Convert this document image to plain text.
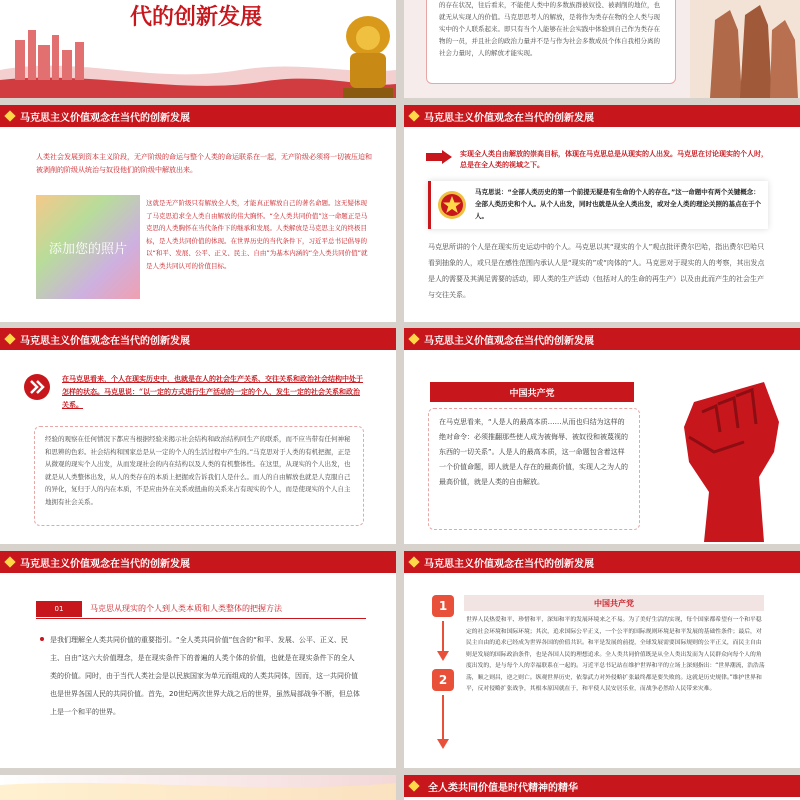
代的创新发展	的存在状况，往后看来，不能使人类中的多数族群被奴役、被剥削的地位，也就无从实现人的价值。马克思思考人的解放，是将作为类存在物的全人类与现实中的个人联系起来。即只有当个人能够在社会实践中体验到自己作为类存在物的一员，并且社会的政治力量并不是与作为社会多数成员个体自我相分离的社会力量时，人的解放才能实现。
马克思主义价值观念在当代的创新发展
人类社会发展到资本主义阶段，无产阶级的命运与整个人类的命运联系在一起，无产阶级必须将一切被压迫和被剥削的阶级从统治与奴役他们的阶级中解放出来。
添加您的照片
这就是无产阶级只有解放全人类，才能真正解放自己的著名命题。这无疑体现了马克思追求全人类自由解放的伟大胸怀。“全人类共同价值”这一命题正是马克思的人类胸怀在当代条件下的继承和发展。人类解放是马克思主义的终极目标，是人类共同价值的体现。在世界历史的当代条件下，习近平总书记倡导的以“和平、发展、公平、正义、民主、自由”为基本内涵的“全人类共同价值”就是人类共同认可的价值目标。
马克思主义价值观念在当代的创新发展
实现全人类自由解放的崇高目标，体现在马克思总是从现实的人出发。马克思在讨论现实的个人时，总是在全人类的视域之下。
马克思说：“全部人类历史的第一个前提无疑是有生命的个人的存在。”这一命题中有两个关键概念：全部人类历史和个人。从个人出发，同时也就是从全人类出发，或对全人类的理论关照的基点在于个人。
马克思所讲的个人是在现实历史运动中的个人。马克思以其“现实的个人”观点批评费尔巴哈，指出费尔巴哈只看到抽象的人，或只是在感性范围内承认人是“现实的”或“肉体的”人。马克思对于现实的人的考察，其出发点是人的需要及其满足需要的活动，即人类的生产活动（包括对人的生命的再生产）以及由此而产生的社会生产与交往关系。
马克思主义价值观念在当代的创新发展
在马克思看来，个人在现实历史中，也就是在人的社会生产关系、交往关系和政治社会结构中处于怎样的状态。马克思说：“以一定的方式进行生产活动的一定的个人，发生一定的社会关系和政治关系。
经验的观察在任何情况下都应当根据经验来揭示社会结构和政治结构同生产的联系，而不应当带有任何神秘和思辨的色彩。社会结构和国家总是从一定的个人的生活过程中产生的。”马克思对于人类的有机把握，正是从微观的现实个人出发，从而发现社会的内在结构以及人类的有机整体性。在这里，从现实的个人出发，也就是从人类整体出发，从人的类存在的本质上把握或告诉我们人是什么。而人的自由解放也就是人克服自己的异化，复归于人的内在本质，不是应由外在关系或扭曲的关系来占有现实的个人，而是使现实的个人自主地拥有社会关系。
马克思主义价值观念在当代的创新发展
中国共产党
在马克思看来，“人是人的最高本质……从而也归结为这样的绝对命令：必须推翻那些使人成为被侮辱、被奴役和被蔑视的东西的一切关系”。人是人的最高本质，这一命题包含着这样一个价值命题，即人就是人存在的最高价值，实现人之为人的最高价值，就是人类的自由解放。
马克思主义价值观念在当代的创新发展
01	马克思从现实的个人到人类本质和人类整体的把握方法
是我们理解全人类共同价值的重要指引。“全人类共同价值”包含的“和平、发展、公平、正义、民主、自由”这六大价值理念，是在现实条件下的普遍的人类个体的价值，也就是在现实条件下的全人类的价值。同时，由于当代人类社会是以民族国家为单元而组成的人类共同体，因而，这一共同价值也是世界各国人民的共同价值。首先，20世纪两次世界大战之后的世界，虽然局部战争不断，但总体上是一个和平的世界。
马克思主义价值观念在当代的创新发展
1
2
中国共产党
世界人民热爱和平、珍惜和平，深知和平的发展环境来之不易。为了美好生活的实现，每个国家都希望有一个和平稳定的社会环境和国际环境；其次，追求国际公平正义，一个公平的国际规则环境是和平发展的基础性条件；最后，对民主自由的追求已经成为世界各国的价值共识。和平是发展的前提，全球发展需要国际规则的公平正义，而民主自由则是发展的国际政治条件，也是各国人民的理想追求。全人类共同价值既是从全人类出发而为人民群众向每个人的角度出发的，是与每个人的幸福联系在一起的。习近平总书记站在维护世界和平的立场上深刻指出：“世界潮流，浩浩荡荡，顺之则昌，逆之则亡。纵观世界历史，依靠武力对外侵略扩张最终都是要失败的。这就是历史规律。”维护世界和平，反对侵略扩张战争，其根本原因就在于，和平使人民安居乐业，而战争必然给人民带来灾难。
全人类共同价值是时代精神的精华
